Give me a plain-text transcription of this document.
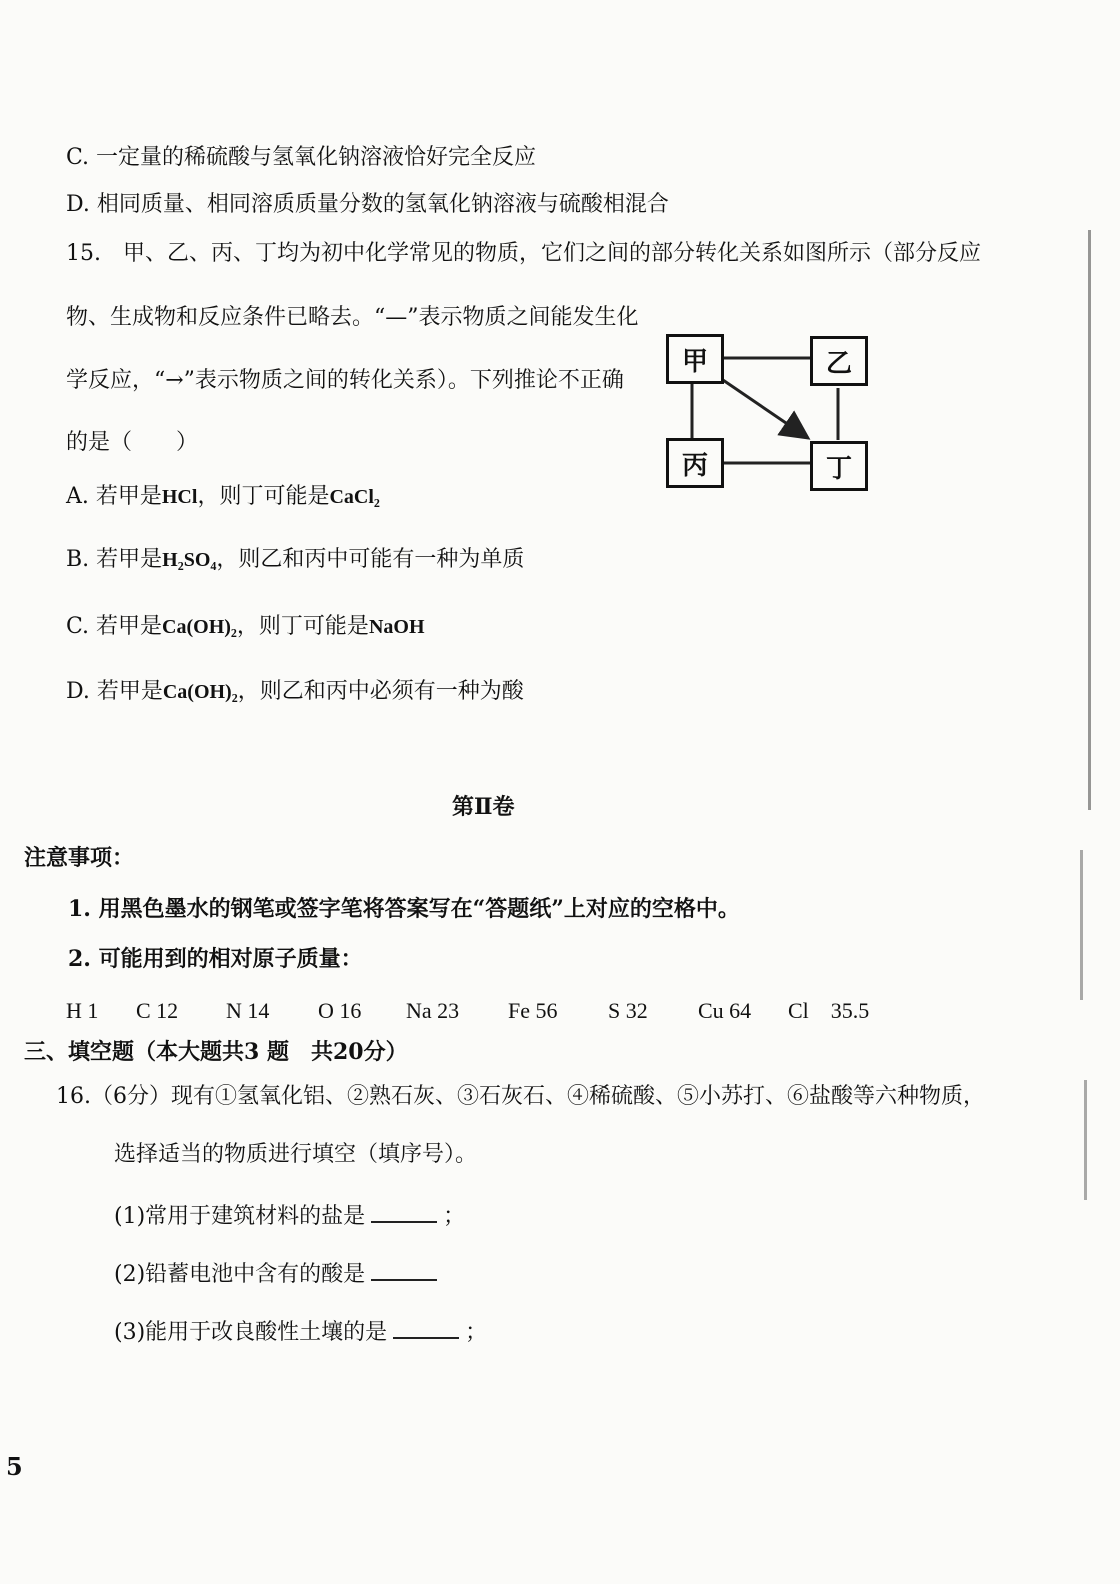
C. 一定量的稀硫酸与氢氧化钠溶液恰好完全反应
D. 相同质量、相同溶质质量分数的氢氧化钠溶液与硫酸相混合
15.　甲、乙、丙、丁均为初中化学常见的物质，它们之间的部分转化关系如图所示（部分反应
物、生成物和反应条件已略去。“—”表示物质之间能发生化
学反应，“→”表示物质之间的转化关系）。下列推论不正确
的是（　　）
甲	乙
丙	丁
A. 若甲是HCl，则丁可能是CaCl₂
B. 若甲是H₂SO₄，则乙和丙中可能有一种为单质
C. 若甲是Ca(OH)₂，则丁可能是NaOH
D. 若甲是Ca(OH)₂，则乙和丙中必须有一种为酸
第Ⅱ卷
注意事项：
1. 用黑色墨水的钢笔或签字笔将答案写在“答题纸”上对应的空格中。
2. 可能用到的相对原子质量：
H 1 C 12 N 14 O 16 Na 23 Fe 56 S 32 Cu 64 Cl　35.5
三、填空题（本大题共3 题　共20分）
16.（6分）现有①氢氧化铝、②熟石灰、③石灰石、④稀硫酸、⑤小苏打、⑥盐酸等六种物质，
选择适当的物质进行填空（填序号）。
(1)常用于建筑材料的盐是	；
(2)铅蓄电池中含有的酸是
(3)能用于改良酸性土壤的是	；
5
